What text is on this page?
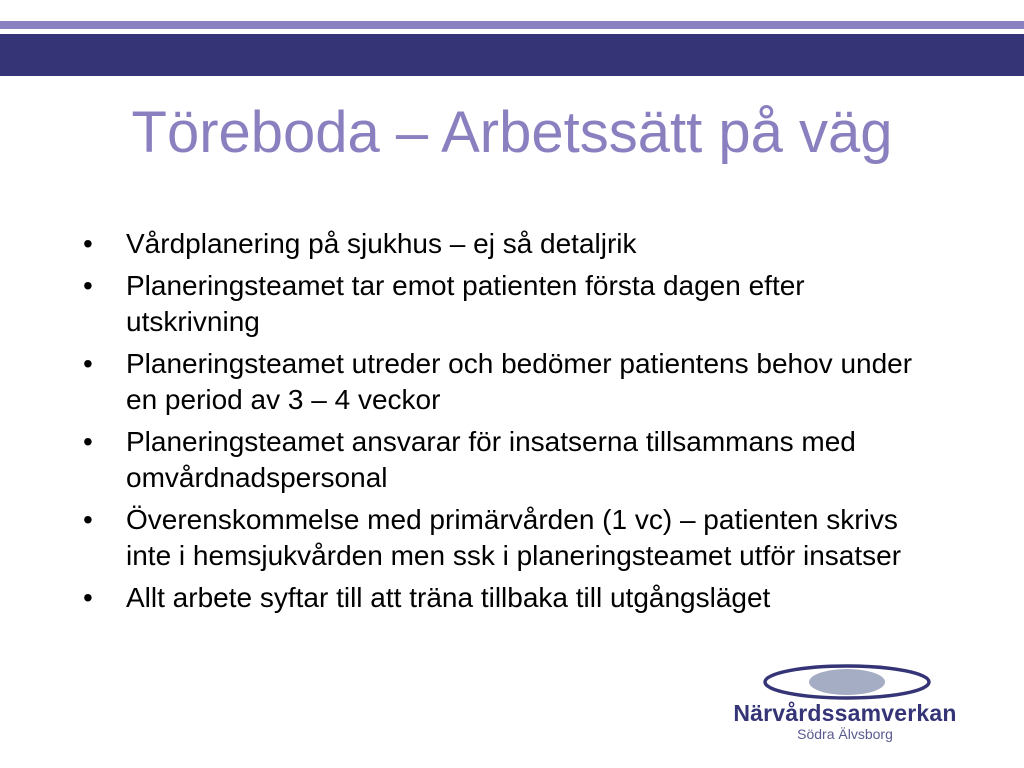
Töreboda – Arbetssätt på väg
•	Vårdplanering på sjukhus – ej så detaljrik
•	Planeringsteamet tar emot patienten första dagen efter utskrivning
•	Planeringsteamet utreder och bedömer patientens behov under en period av 3 – 4 veckor
•	Planeringsteamet ansvarar för insatserna tillsammans med omvårdnadspersonal
•	Överenskommelse med primärvården (1 vc) – patienten skrivs inte i hemsjukvården men ssk i planeringsteamet utför insatser
•	Allt arbete syftar till att träna tillbaka till utgångsläget
Närvårdssamverkan
Södra Älvsborg
